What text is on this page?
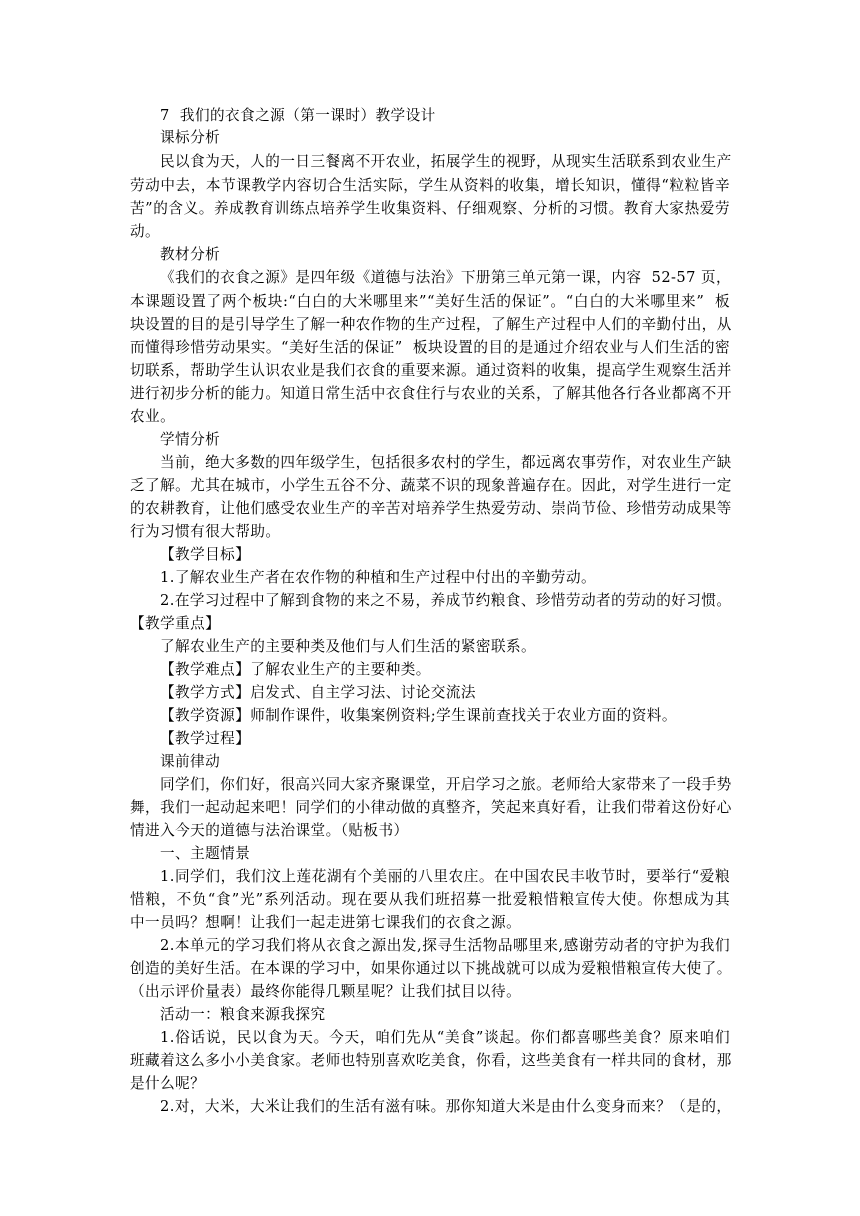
7  我们的衣食之源（第一课时）教学设计
课标分析
民以食为天，人的一日三餐离不开农业，拓展学生的视野，从现实生活联系到农业生产
劳动中去，本节课教学内容切合生活实际，学生从资料的收集，增长知识，懂得“粒粒皆辛
苦”的含义。养成教育训练点培养学生收集资料、仔细观察、分析的习惯。教育大家热爱劳
动。
教材分析
《我们的衣食之源》是四年级《道德与法治》下册第三单元第一课，内容  52-57 页，
本课题设置了两个板块:“白白的大米哪里来”“美好生活的保证”。“白白的大米哪里来”  板
块设置的目的是引导学生了解一种农作物的生产过程，了解生产过程中人们的辛勤付出，从
而懂得珍惜劳动果实。“美好生活的保证”  板块设置的目的是通过介绍农业与人们生活的密
切联系，帮助学生认识农业是我们衣食的重要来源。通过资料的收集，提高学生观察生活并
进行初步分析的能力。知道日常生活中衣食住行与农业的关系，了解其他各行各业都离不开
农业。
学情分析
当前，绝大多数的四年级学生，包括很多农村的学生，都远离农事劳作，对农业生产缺
乏了解。尤其在城市，小学生五谷不分、蔬菜不识的现象普遍存在。因此，对学生进行一定
的农耕教育，让他们感受农业生产的辛苦对培养学生热爱劳动、崇尚节俭、珍惜劳动成果等
行为习惯有很大帮助。
【教学目标】
1.了解农业生产者在农作物的种植和生产过程中付出的辛勤劳动。
2.在学习过程中了解到食物的来之不易，养成节约粮食、珍惜劳动者的劳动的好习惯。
【教学重点】
了解农业生产的主要种类及他们与人们生活的紧密联系。
【教学难点】了解农业生产的主要种类。
【教学方式】启发式、自主学习法、讨论交流法
【教学资源】师制作课件，收集案例资料;学生课前查找关于农业方面的资料。
【教学过程】
课前律动
同学们，你们好，很高兴同大家齐聚课堂，开启学习之旅。老师给大家带来了一段手势
舞，我们一起动起来吧！同学们的小律动做的真整齐，笑起来真好看，让我们带着这份好心
情进入今天的道德与法治课堂。（贴板书）
一、主题情景
1.同学们，我们汶上莲花湖有个美丽的八里农庄。在中国农民丰收节时，要举行“爱粮
惜粮，不负“食”光”系列活动。现在要从我们班招募一批爱粮惜粮宣传大使。你想成为其
中一员吗？想啊！让我们一起走进第七课我们的衣食之源。
2.本单元的学习我们将从衣食之源出发,探寻生活物品哪里来,感谢劳动者的守护为我们
创造的美好生活。在本课的学习中，如果你通过以下挑战就可以成为爱粮惜粮宣传大使了。
（出示评价量表）最终你能得几颗星呢？让我们拭目以待。
活动一：粮食来源我探究
1.俗话说，民以食为天。今天，咱们先从“美食”谈起。你们都喜哪些美食？原来咱们
班藏着这么多小小美食家。老师也特别喜欢吃美食，你看，这些美食有一样共同的食材，那
是什么呢？
2.对，大米，大米让我们的生活有滋有味。那你知道大米是由什么变身而来？（是的，
